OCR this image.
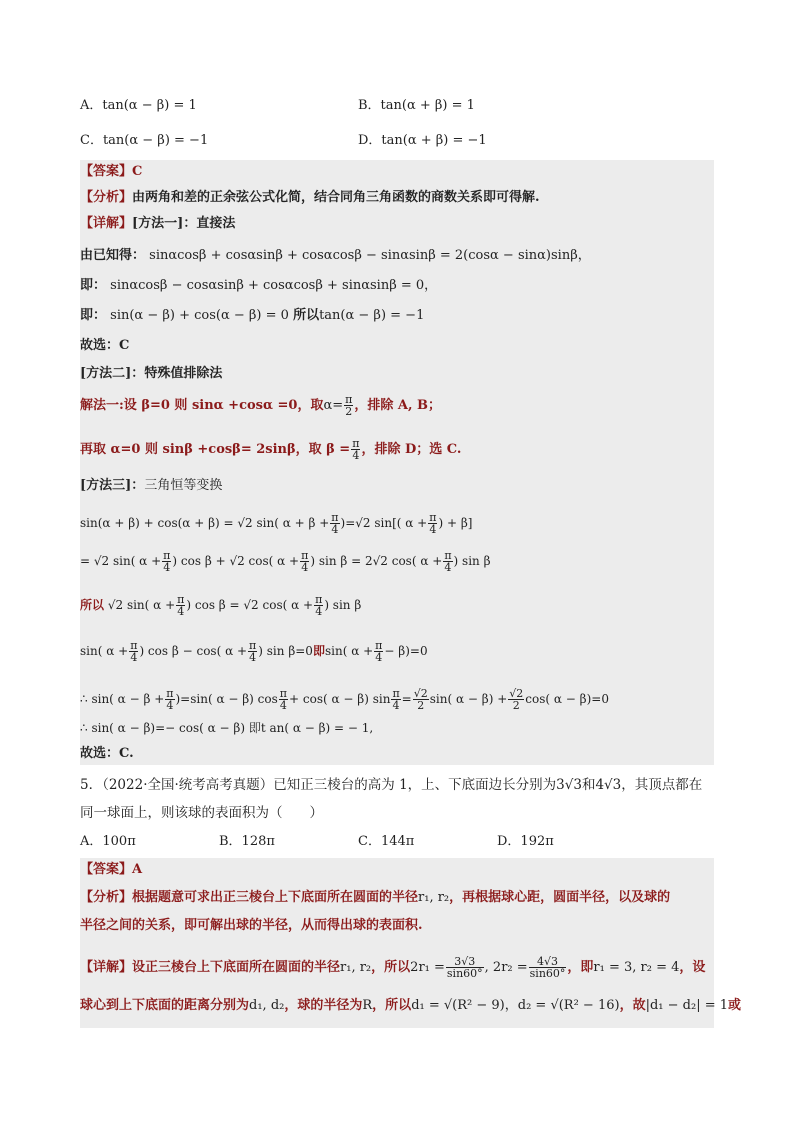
A．tan(α − β) = 1	B．tan(α + β) = 1
C．tan(α − β) = −1	D．tan(α + β) = −1
【答案】C
【分析】由两角和差的正余弦公式化简，结合同角三角函数的商数关系即可得解.
【详解】[方法一]：直接法
由已知得： sinαcosβ + cosαsinβ + cosαcosβ − sinαsinβ = 2(cosα − sinα)sinβ，
即： sinαcosβ − cosαsinβ + cosαcosβ + sinαsinβ = 0，
即： sin(α − β) + cos(α − β) = 0 所以tan(α − β) = −1
故选：C
[方法二]：特殊值排除法
解法一:设 β=0 则 sinα +cosα =0，取$\alpha= \frac{\pi}{2}$ ，排除 A, B；
再取 α=0 则 sinβ +cosβ= 2sinβ，取 $\beta = \frac{\pi}{4}$ ，排除 D；选 C.
[方法三]：三角恒等变换
sin(α + β) + cos(α + β) = √2 sin( $\alpha + \beta + \frac{\pi}{4} )=√2$ sin[( $\alpha + \frac{\pi}{4}$ ) + β]
= √2 sin( $\alpha + \frac{\pi}{4}$ ) cos β + √2 cos( $\alpha + \frac{\pi}{4}$ ) sin β = 2√2 cos( $\alpha + \frac{\pi}{4}$ ) sin β
所以 √2 sin( $\alpha + \frac{\pi}{4}$ ) cos β = √2 cos( $\alpha + \frac{\pi}{4}$ ) sin β
sin( $\alpha + \frac{\pi}{4}$ ) cos β − cos( $\alpha + \frac{\pi}{4}$ ) sin β=0即sin( $\alpha + \frac{\pi}{4} - \beta)=0$
∴ sin( $\alpha - \beta + \frac{\pi}{4} )=\sin$( α − β) $\cos \frac{\pi}{4} + \cos$( α − β) $\sin \frac{\pi}{4} = \frac{√2}{2} \sin$( $\alpha - \beta) + \frac{√2}{2} \cos$( α − β)=0
∴ sin( α − β)=− cos( α − β) 即t an( α − β) = − 1,
故选：C.
5．（2022·全国·统考高考真题）已知正三棱台的高为 1，上、下底面边长分别为3√3和4√3，其顶点都在
同一球面上，则该球的表面积为（　　）
A．100π	B．128π	C．144π	D．192π
【答案】A
【分析】根据题意可求出正三棱台上下底面所在圆面的半径r₁, r₂，再根据球心距，圆面半径，以及球的
半径之间的关系，即可解出球的半径，从而得出球的表面积.
【详解】设正三棱台上下底面所在圆面的半径r₁, r₂，所以$2r_1 = \frac{3√3}{\sin 60^\circ}$ , $2r_2 = \frac{4√3}{\sin 60^\circ}$ ，即r₁ = 3, r₂ = 4，设
球心到上下底面的距离分别为d₁, d₂，球的半径为R，所以d₁ = √(R² − 9)，d₂ = √(R² − 16)，故|d₁ − d₂| = 1或
